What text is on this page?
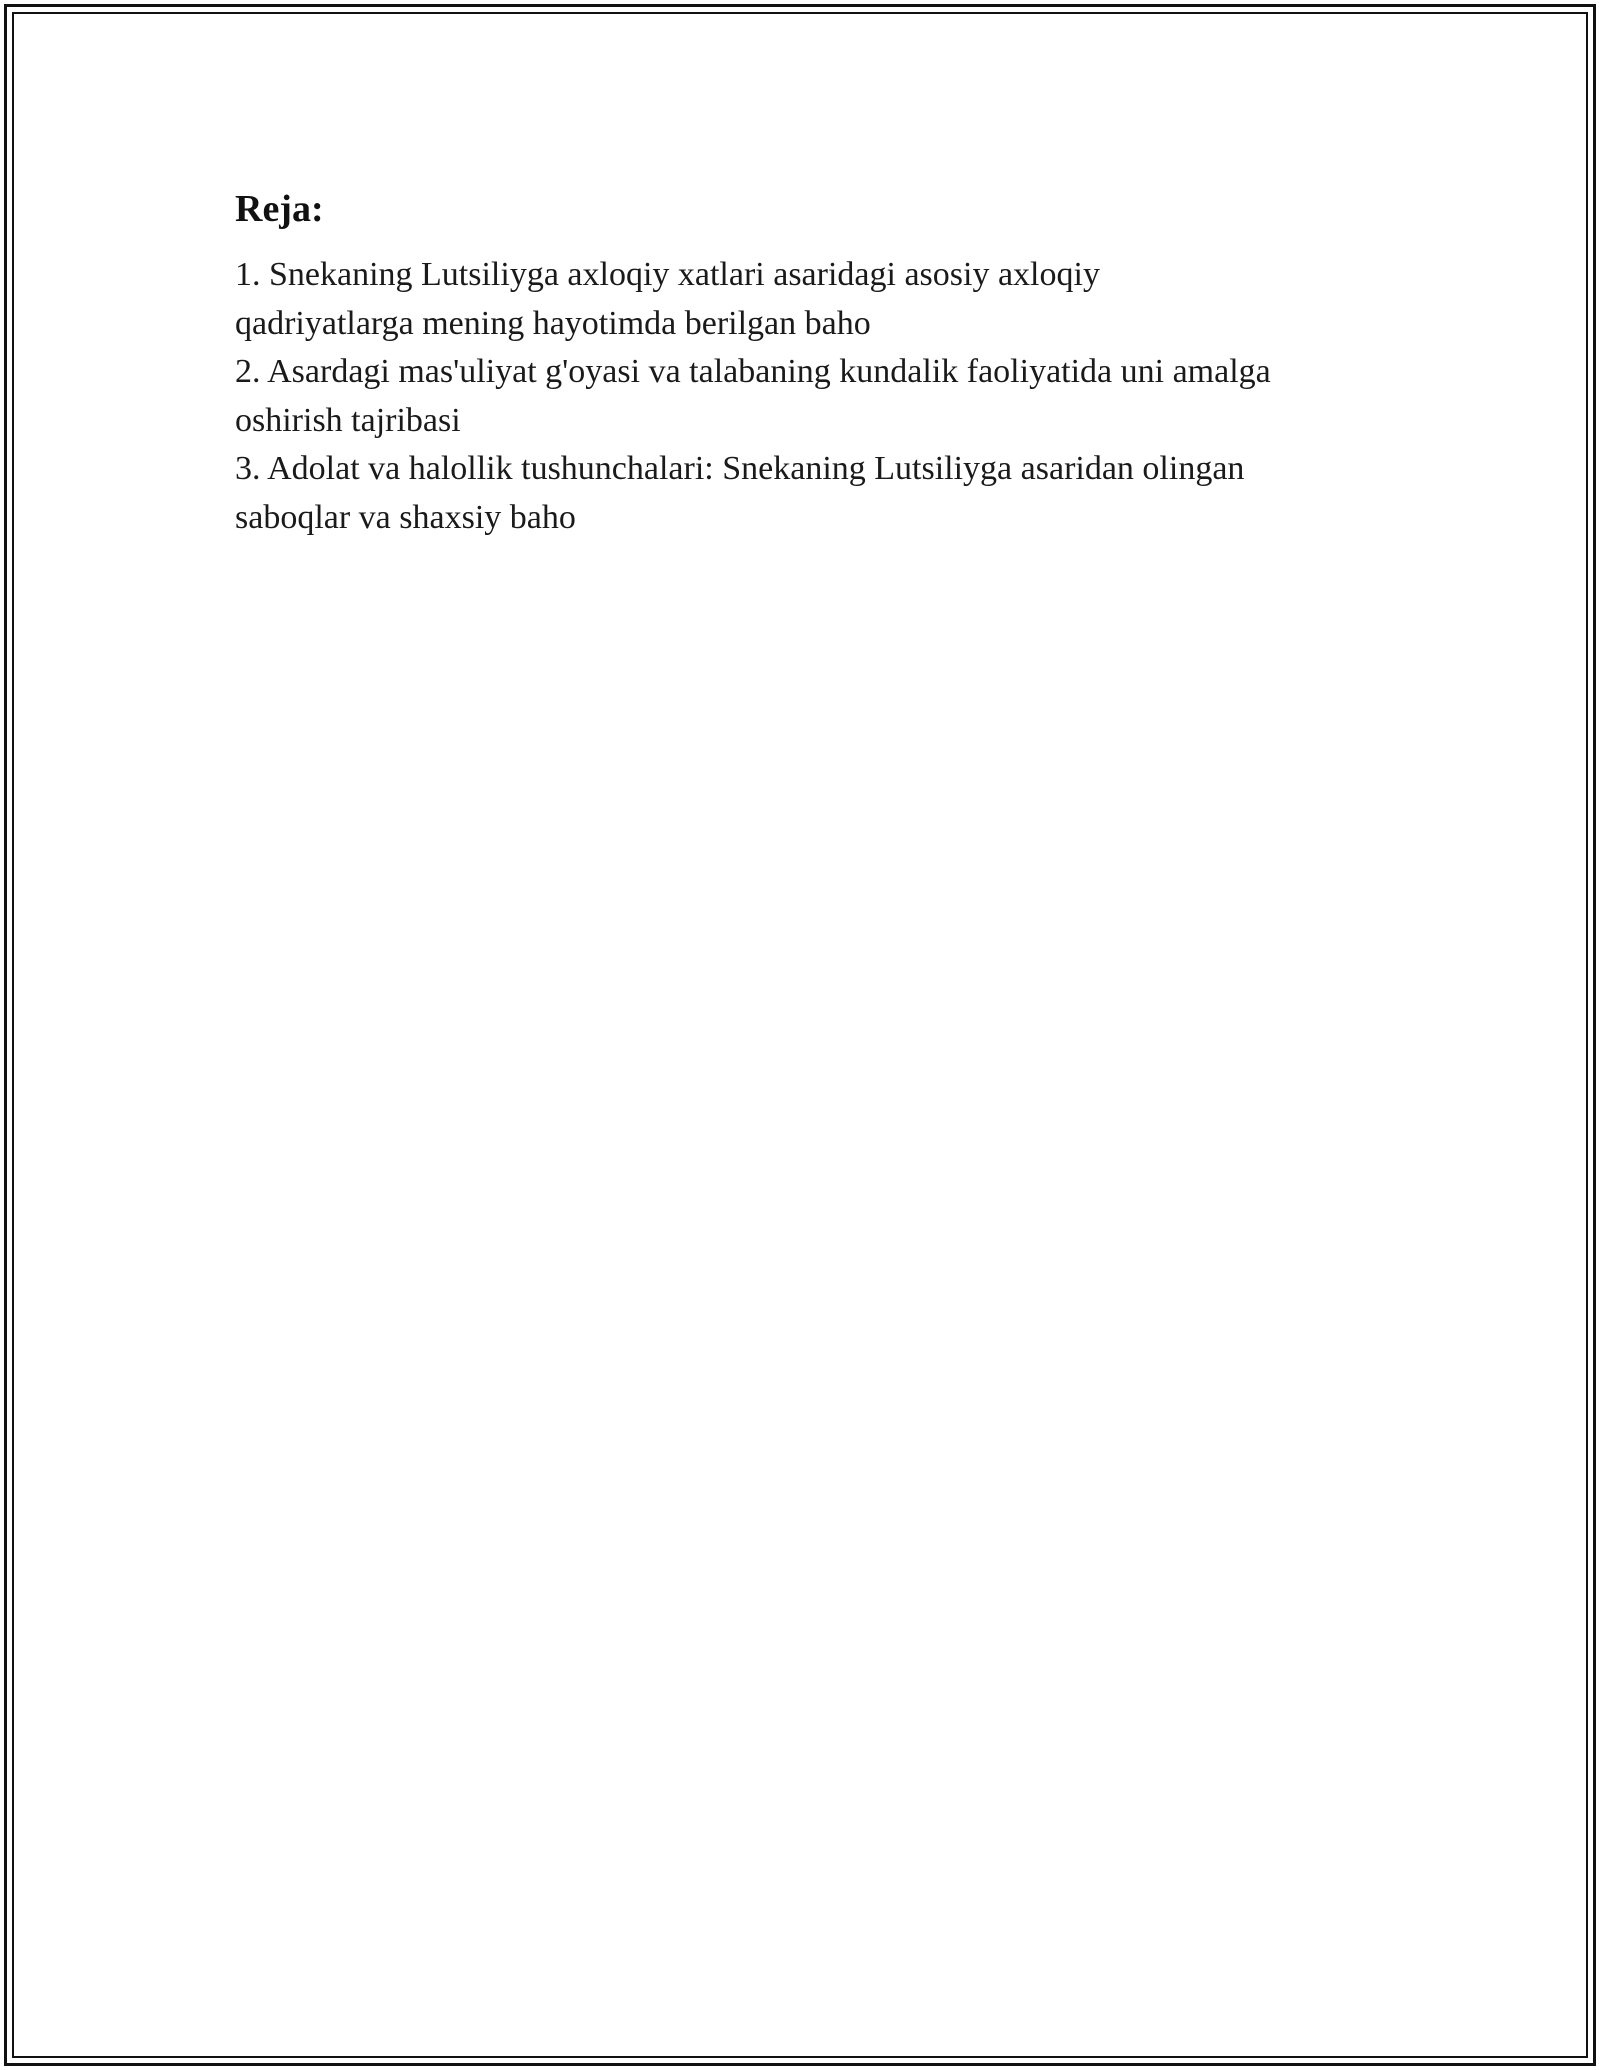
Reja:
1. Snekaning Lutsiliyga axloqiy xatlari asaridagi asosiy axloqiy
qadriyatlarga mening hayotimda berilgan baho
2. Asardagi mas'uliyat g'oyasi va talabaning kundalik faoliyatida uni amalga
oshirish tajribasi
3. Adolat va halollik tushunchalari: Snekaning Lutsiliyga asaridan olingan
saboqlar va shaxsiy baho
